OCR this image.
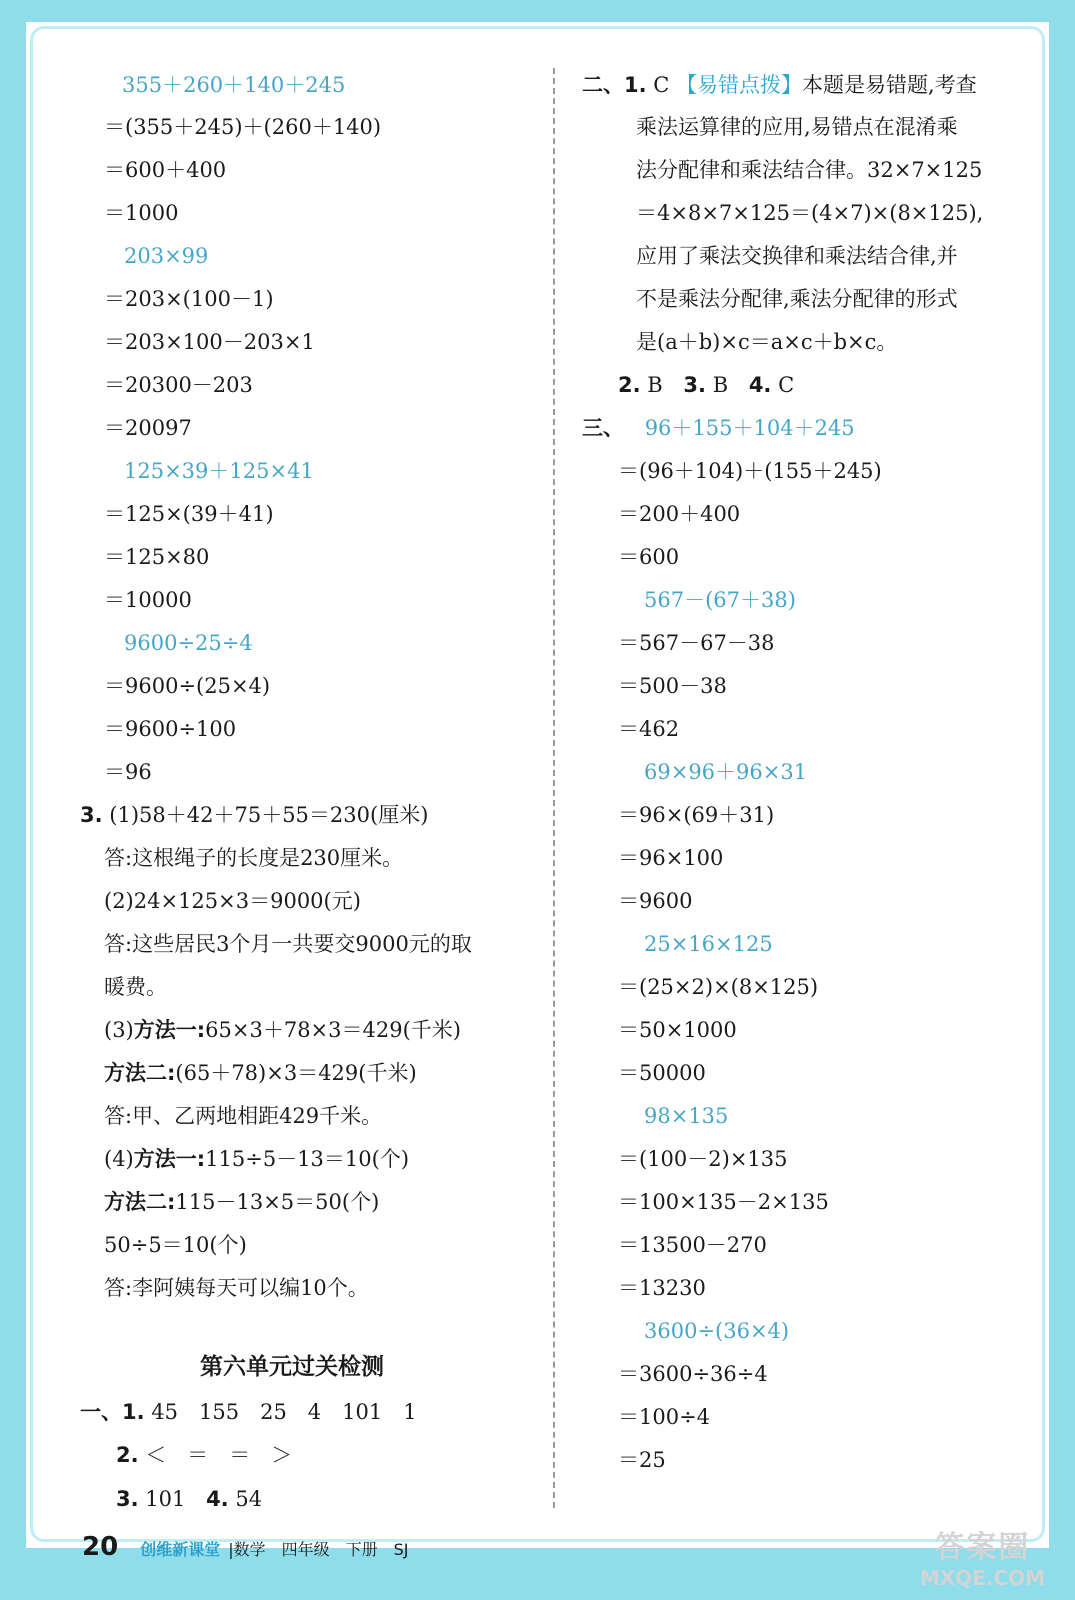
355＋260＋140＋245
＝(355＋245)＋(260＋140)
＝600＋400
＝1000
203×99
＝203×(100－1)
＝203×100－203×1
＝20300－203
＝20097
125×39＋125×41
＝125×(39＋41)
＝125×80
＝10000
9600÷25÷4
＝9600÷(25×4)
＝9600÷100
＝96
3. (1)58＋42＋75＋55＝230(厘米)
答:这根绳子的长度是230厘米。
(2)24×125×3＝9000(元)
答:这些居民3个月一共要交9000元的取
暖费。
(3)方法一:65×3＋78×3＝429(千米)
方法二:(65＋78)×3＝429(千米)
答:甲、乙两地相距429千米。
(4)方法一:115÷5－13＝10(个)
方法二:115－13×5＝50(个)
50÷5＝10(个)
答:李阿姨每天可以编10个。
第六单元过关检测
一、1. 45　155　25　4　101　1
2. ＜　＝　＝　＞
3. 101 4. 54
二、1. C 【易错点拨】本题是易错题,考查
乘法运算律的应用,易错点在混淆乘
法分配律和乘法结合律。32×7×125
＝4×8×7×125＝(4×7)×(8×125),
应用了乘法交换律和乘法结合律,并
不是乘法分配律,乘法分配律的形式
是(a＋b)×c＝a×c＋b×c。
2. B 3. B 4. C
三、 96＋155＋104＋245
＝(96＋104)＋(155＋245)
＝200＋400
＝600
567－(67＋38)
＝567－67－38
＝500－38
＝462
69×96＋96×31
＝96×(69＋31)
＝96×100
＝9600
25×16×125
＝(25×2)×(8×125)
＝50×1000
＝50000
98×135
＝(100－2)×135
＝100×135－2×135
＝13500－270
＝13230
3600÷(36×4)
＝3600÷36÷4
＝100÷4
＝25
20 创维新课堂 |数学　四年级　下册　SJ	答案圈
MXQE.COM
